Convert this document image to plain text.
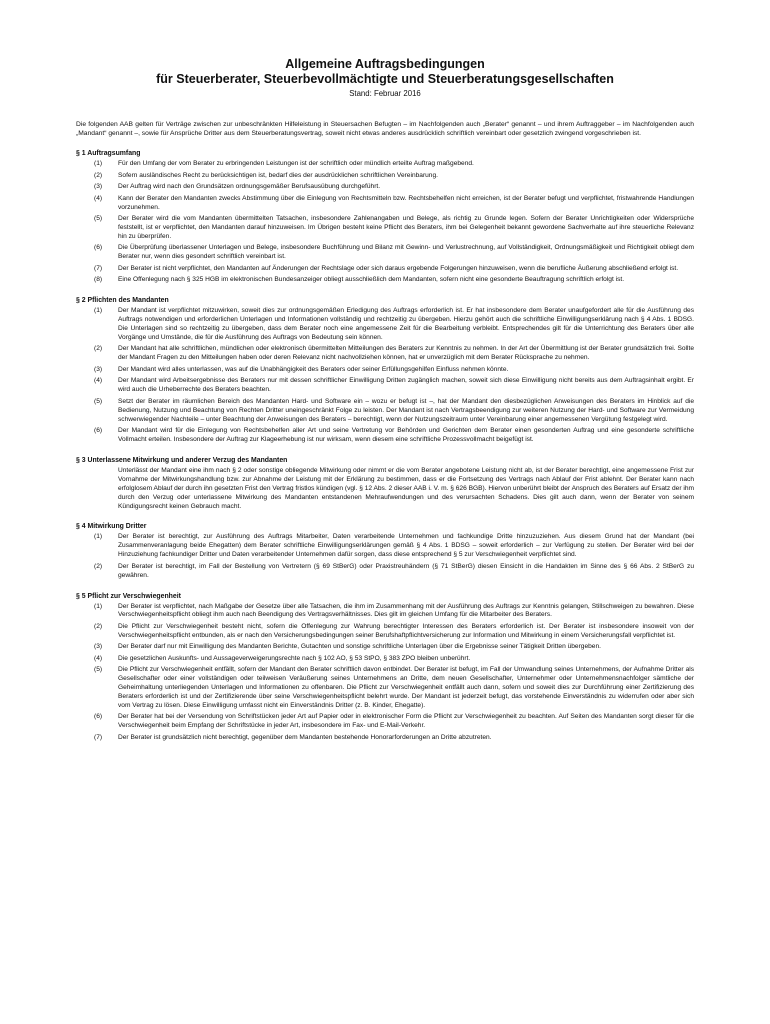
Allgemeine Auftragsbedingungen
für Steuerberater, Steuerbevollmächtigte und Steuerberatungsgesellschaften
Stand: Februar 2016
Die folgenden AAB gelten für Verträge zwischen zur unbeschränkten Hilfeleistung in Steuersachen Befugten – im Nachfolgenden auch „Berater“ genannt – und ihrem Auftraggeber – im Nachfolgenden auch „Mandant“ genannt –, sowie für Ansprüche Dritter aus dem Steuerberatungsvertrag, soweit nicht etwas anderes ausdrücklich schriftlich vereinbart oder gesetzlich zwingend vorgeschrieben ist.
§ 1 Auftragsumfang
(1)	Für den Umfang der vom Berater zu erbringenden Leistungen ist der schriftlich oder mündlich erteilte Auftrag maßgebend.
(2)	Sofern ausländisches Recht zu berücksichtigen ist, bedarf dies der ausdrücklichen schriftlichen Vereinbarung.
(3)	Der Auftrag wird nach den Grundsätzen ordnungsgemäßer Berufsausübung durchgeführt.
(4)	Kann der Berater den Mandanten zwecks Abstimmung über die Einlegung von Rechtsmitteln bzw. Rechtsbehelfen nicht erreichen, ist der Berater befugt und verpflichtet, fristwahrende Handlungen vorzunehmen.
(5)	Der Berater wird die vom Mandanten übermittelten Tatsachen, insbesondere Zahlenangaben und Belege, als richtig zu Grunde legen. Sofern der Berater Unrichtigkeiten oder Widersprüche feststellt, ist er verpflichtet, den Mandanten darauf hinzuweisen. Im Übrigen besteht keine Pflicht des Beraters, ihm bei Gelegenheit bekannt gewordene Sachverhalte auf ihre steuerliche Relevanz hin zu überprüfen.
(6)	Die Überprüfung überlassener Unterlagen und Belege, insbesondere Buchführung und Bilanz mit Gewinn- und Verlustrechnung, auf Vollständigkeit, Ordnungsmäßigkeit und Richtigkeit obliegt dem Berater nur, wenn dies gesondert schriftlich vereinbart ist.
(7)	Der Berater ist nicht verpflichtet, den Mandanten auf Änderungen der Rechtslage oder sich daraus ergebende Folgerungen hinzuweisen, wenn die berufliche Äußerung abschließend erfolgt ist.
(8)	Eine Offenlegung nach § 325 HGB im elektronischen Bundesanzeiger obliegt ausschließlich dem Mandanten, sofern nicht eine gesonderte Beauftragung schriftlich erfolgt ist.
§ 2 Pflichten des Mandanten
(1)	Der Mandant ist verpflichtet mitzuwirken, soweit dies zur ordnungsgemäßen Erledigung des Auftrags erforderlich ist. Er hat insbesondere dem Berater unaufgefordert alle für die Ausführung des Auftrags notwendigen und erforderlichen Unterlagen und Informationen vollständig und rechtzeitig zu übergeben. Hierzu gehört auch die schriftliche Einwilligungserklärung nach § 4 Abs. 1 BDSG. Die Unterlagen sind so rechtzeitig zu übergeben, dass dem Berater noch eine angemessene Zeit für die Bearbeitung verbleibt. Entsprechendes gilt für die Unterrichtung des Beraters über alle Vorgänge und Umstände, die für die Ausführung des Auftrags von Bedeutung sein können.
(2)	Der Mandant hat alle schriftlichen, mündlichen oder elektronisch übermittelten Mitteilungen des Beraters zur Kenntnis zu nehmen. In der Art der Übermittlung ist der Berater grundsätzlich frei. Sollte der Mandant Fragen zu den Mitteilungen haben oder deren Relevanz nicht nachvollziehen können, hat er unverzüglich mit dem Berater Rücksprache zu nehmen.
(3)	Der Mandant wird alles unterlassen, was auf die Unabhängigkeit des Beraters oder seiner Erfüllungsgehilfen Einfluss nehmen könnte.
(4)	Der Mandant wird Arbeitsergebnisse des Beraters nur mit dessen schriftlicher Einwilligung Dritten zugänglich machen, soweit sich diese Einwilligung nicht bereits aus dem Auftragsinhalt ergibt. Er wird auch die Urheberrechte des Beraters beachten.
(5)	Setzt der Berater im räumlichen Bereich des Mandanten Hard- und Software ein – wozu er befugt ist –, hat der Mandant den diesbezüglichen Anweisungen des Beraters im Hinblick auf die Bedienung, Nutzung und Beachtung von Rechten Dritter uneingeschränkt Folge zu leisten. Der Mandant ist nach Vertragsbeendigung zur weiteren Nutzung der Hard- und Software zur Vermeidung schwerwiegender Nachteile – unter Beachtung der Anweisungen des Beraters – berechtigt, wenn der Nutzungszeitraum unter Vereinbarung einer angemessenen Vergütung festgelegt wird.
(6)	Der Mandant wird für die Einlegung von Rechtsbehelfen aller Art und seine Vertretung vor Behörden und Gerichten dem Berater einen gesonderten Auftrag und eine gesonderte schriftliche Vollmacht erteilen. Insbesondere der Auftrag zur Klageerhebung ist nur wirksam, wenn diesem eine schriftliche Prozessvollmacht beigefügt ist.
§ 3 Unterlassene Mitwirkung und anderer Verzug des Mandanten
Unterlässt der Mandant eine ihm nach § 2 oder sonstige obliegende Mitwirkung oder nimmt er die vom Berater angebotene Leistung nicht ab, ist der Berater berechtigt, eine angemessene Frist zur Vornahme der Mitwirkungshandlung bzw. zur Abnahme der Leistung mit der Erklärung zu bestimmen, dass er die Fortsetzung des Vertrags nach Ablauf der Frist ablehnt. Der Berater kann nach erfolglosem Ablauf der durch ihn gesetzten Frist den Vertrag fristlos kündigen (vgl. § 12 Abs. 2 dieser AAB i. V. m. § 626 BGB). Hiervon unberührt bleibt der Anspruch des Beraters auf Ersatz der ihm durch den Verzug oder unterlassene Mitwirkung des Mandanten entstandenen Mehraufwendungen und des verursachten Schadens. Dies gilt auch dann, wenn der Berater von seinem Kündigungsrecht keinen Gebrauch macht.
§ 4 Mitwirkung Dritter
(1)	Der Berater ist berechtigt, zur Ausführung des Auftrags Mitarbeiter, Daten verarbeitende Unternehmen und fachkundige Dritte hinzuzuziehen. Aus diesem Grund hat der Mandant (bei Zusammenveranlagung beide Ehegatten) dem Berater schriftliche Einwilligungserklärungen gemäß § 4 Abs. 1 BDSG – soweit erforderlich – zur Verfügung zu stellen. Der Berater wird bei der Hinzuziehung fachkundiger Dritter und Daten verarbeitender Unternehmen dafür sorgen, dass diese entsprechend § 5 zur Verschwiegenheit verpflichtet sind.
(2)	Der Berater ist berechtigt, im Fall der Bestellung von Vertretern (§ 69 StBerG) oder Praxistreuhändern (§ 71 StBerG) diesen Einsicht in die Handakten im Sinne des § 66 Abs. 2 StBerG zu gewähren.
§ 5 Pflicht zur Verschwiegenheit
(1)	Der Berater ist verpflichtet, nach Maßgabe der Gesetze über alle Tatsachen, die ihm im Zusammenhang mit der Ausführung des Auftrags zur Kenntnis gelangen, Stillschweigen zu bewahren. Diese Verschwiegenheitspflicht obliegt ihm auch nach Beendigung des Vertragsverhältnisses. Dies gilt im gleichen Umfang für die Mitarbeiter des Beraters.
(2)	Die Pflicht zur Verschwiegenheit besteht nicht, sofern die Offenlegung zur Wahrung berechtigter Interessen des Beraters erforderlich ist. Der Berater ist insbesondere insoweit von der Verschwiegenheitspflicht entbunden, als er nach den Versicherungsbedingungen seiner Berufshaftpflichtversicherung zur Information und Mitwirkung in einem Versicherungsfall verpflichtet ist.
(3)	Der Berater darf nur mit Einwilligung des Mandanten Berichte, Gutachten und sonstige schriftliche Unterlagen über die Ergebnisse seiner Tätigkeit Dritten übergeben.
(4)	Die gesetzlichen Auskunfts- und Aussageverweigerungsrechte nach § 102 AO, § 53 StPO, § 383 ZPO bleiben unberührt.
(5)	Die Pflicht zur Verschwiegenheit entfällt, sofern der Mandant den Berater schriftlich davon entbindet. Der Berater ist befugt, im Fall der Umwandlung seines Unternehmens, der Aufnahme Dritter als Gesellschafter oder einer vollständigen oder teilweisen Veräußerung seines Unternehmens an Dritte, dem neuen Gesellschafter, Unternehmer oder Unternehmensnachfolger sämtliche der Geheimhaltung unterliegenden Unterlagen und Informationen zu offenbaren. Die Pflicht zur Verschwiegenheit entfällt auch dann, sofern und soweit dies zur Durchführung einer Zertifizierung des Beraters erforderlich ist und der Zertifizierende über seine Verschwiegenheitspflicht belehrt wurde. Der Mandant ist jederzeit befugt, das vorstehende Einverständnis zu widerrufen oder aber sich vom Vertrag zu lösen. Diese Einwilligung umfasst nicht ein Einverständnis Dritter (z. B. Kinder, Ehegatte).
(6)	Der Berater hat bei der Versendung von Schriftstücken jeder Art auf Papier oder in elektronischer Form die Pflicht zur Verschwiegenheit zu beachten. Auf Seiten des Mandanten sorgt dieser für die Verschwiegenheit beim Empfang der Schriftstücke in jeder Art, insbesondere im Fax- und E-Mail-Verkehr.
(7)	Der Berater ist grundsätzlich nicht berechtigt, gegenüber dem Mandanten bestehende Honorarforderungen an Dritte abzutreten.
